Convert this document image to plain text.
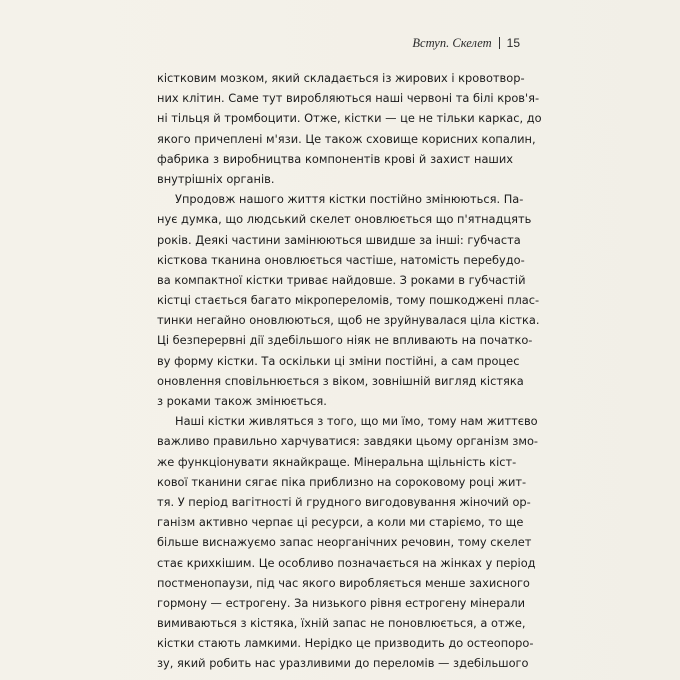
Вступ. Скелет 15
кістковим мозком, який складається із жирових і кровотвор-
них клітин. Саме тут виробляються наші червоні та білі кров'я-
ні тільця й тромбоцити. Отже, кістки — це не тільки каркас, до
якого причеплені м'язи. Це також сховище корисних копалин,
фабрика з виробництва компонентів крові й захист наших
внутрішніх органів.
Упродовж нашого життя кістки постійно змінюються. Па-
нує думка, що людський скелет оновлюється що п'ятнадцять
років. Деякі частини замінюються швидше за інші: губчаста
кісткова тканина оновлюється частіше, натомість перебудо-
ва компактної кістки триває найдовше. З роками в губчастій
кістці стається багато мікропереломів, тому пошкоджені плас-
тинки негайно оновлюються, щоб не зруйнувалася ціла кістка.
Ці безперервні дії здебільшого ніяк не впливають на початко-
ву форму кістки. Та оскільки ці зміни постійні, а сам процес
оновлення сповільнюється з віком, зовнішній вигляд кістяка
з роками також змінюється.
Наші кістки живляться з того, що ми їмо, тому нам життєво
важливо правильно харчуватися: завдяки цьому організм змо-
же функціонувати якнайкраще. Мінеральна щільність кіст-
кової тканини сягає піка приблизно на сороковому році жит-
тя. У період вагітності й грудного вигодовування жіночий ор-
ганізм активно черпає ці ресурси, а коли ми старіємо, то ще
більше виснажуємо запас неорганічних речовин, тому скелет
стає крихкішим. Це особливо позначається на жінках у період
постменопаузи, під час якого виробляється менше захисного
гормону — естрогену. За низького рівня естрогену мінерали
вимиваються з кістяка, їхній запас не поновлюється, а отже,
кістки стають ламкими. Нерідко це призводить до остеопоро-
зу, який робить нас уразливими до переломів — здебільшого
